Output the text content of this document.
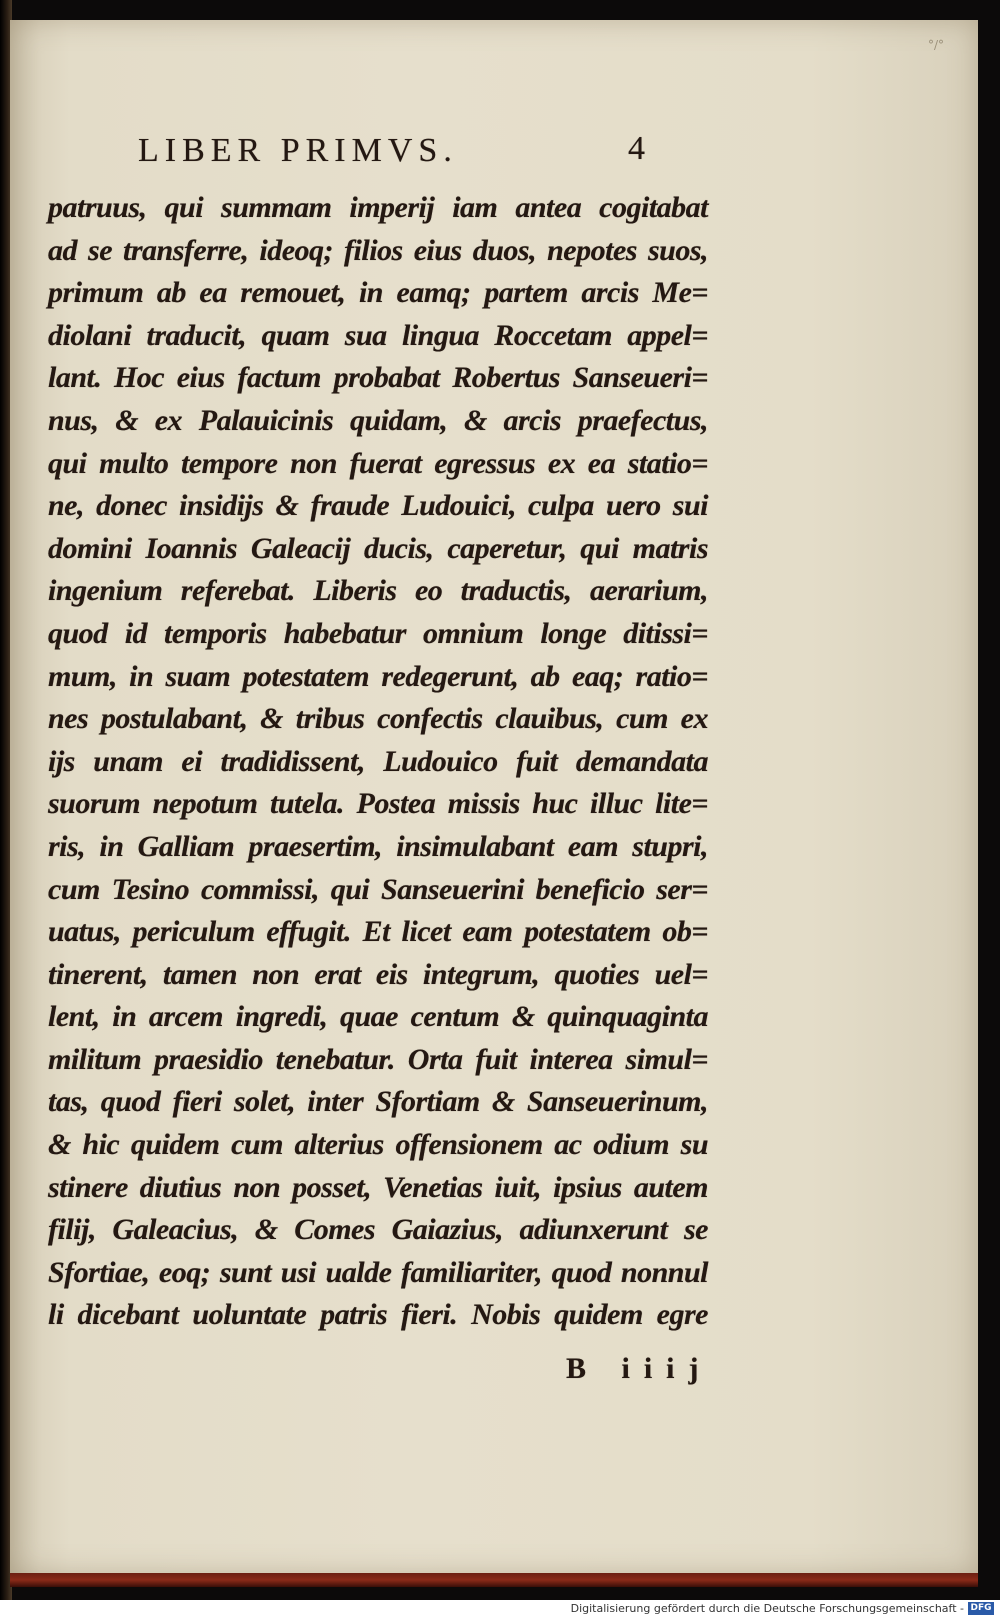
°/°
LIBER PRIMVS.	4
patruus, qui summam imperij iam antea cogitabat
ad se transferre, ideoq; filios eius duos, nepotes suos,
primum ab ea remouet, in eamq; partem arcis Me=
diolani traducit, quam sua lingua Roccetam appel=
lant. Hoc eius factum probabat Robertus Sanseueri=
nus, & ex Palauicinis quidam, & arcis praefectus,
qui multo tempore non fuerat egressus ex ea statio=
ne, donec insidijs & fraude Ludouici, culpa uero sui
domini Ioannis Galeacij ducis, caperetur, qui matris
ingenium referebat. Liberis eo traductis, aerarium,
quod id temporis habebatur omnium longe ditissi=
mum, in suam potestatem redegerunt, ab eaq; ratio=
nes postulabant, & tribus confectis clauibus, cum ex
ijs unam ei tradidissent, Ludouico fuit demandata
suorum nepotum tutela. Postea missis huc illuc lite=
ris, in Galliam praesertim, insimulabant eam stupri,
cum Tesino commissi, qui Sanseuerini beneficio ser=
uatus, periculum effugit. Et licet eam potestatem ob=
tinerent, tamen non erat eis integrum, quoties uel=
lent, in arcem ingredi, quae centum & quinquaginta
militum praesidio tenebatur. Orta fuit interea simul=
tas, quod fieri solet, inter Sfortiam & Sanseuerinum,
& hic quidem cum alterius offensionem ac odium su
stinere diutius non posset, Venetias iuit, ipsius autem
filij, Galeacius, & Comes Gaiazius, adiunxerunt se
Sfortiae, eoq; sunt usi ualde familiariter, quod nonnul
li dicebant uoluntate patris fieri. Nobis quidem egre
B iiij
Digitalisierung gefördert durch die Deutsche Forschungsgemeinschaft - DFG
